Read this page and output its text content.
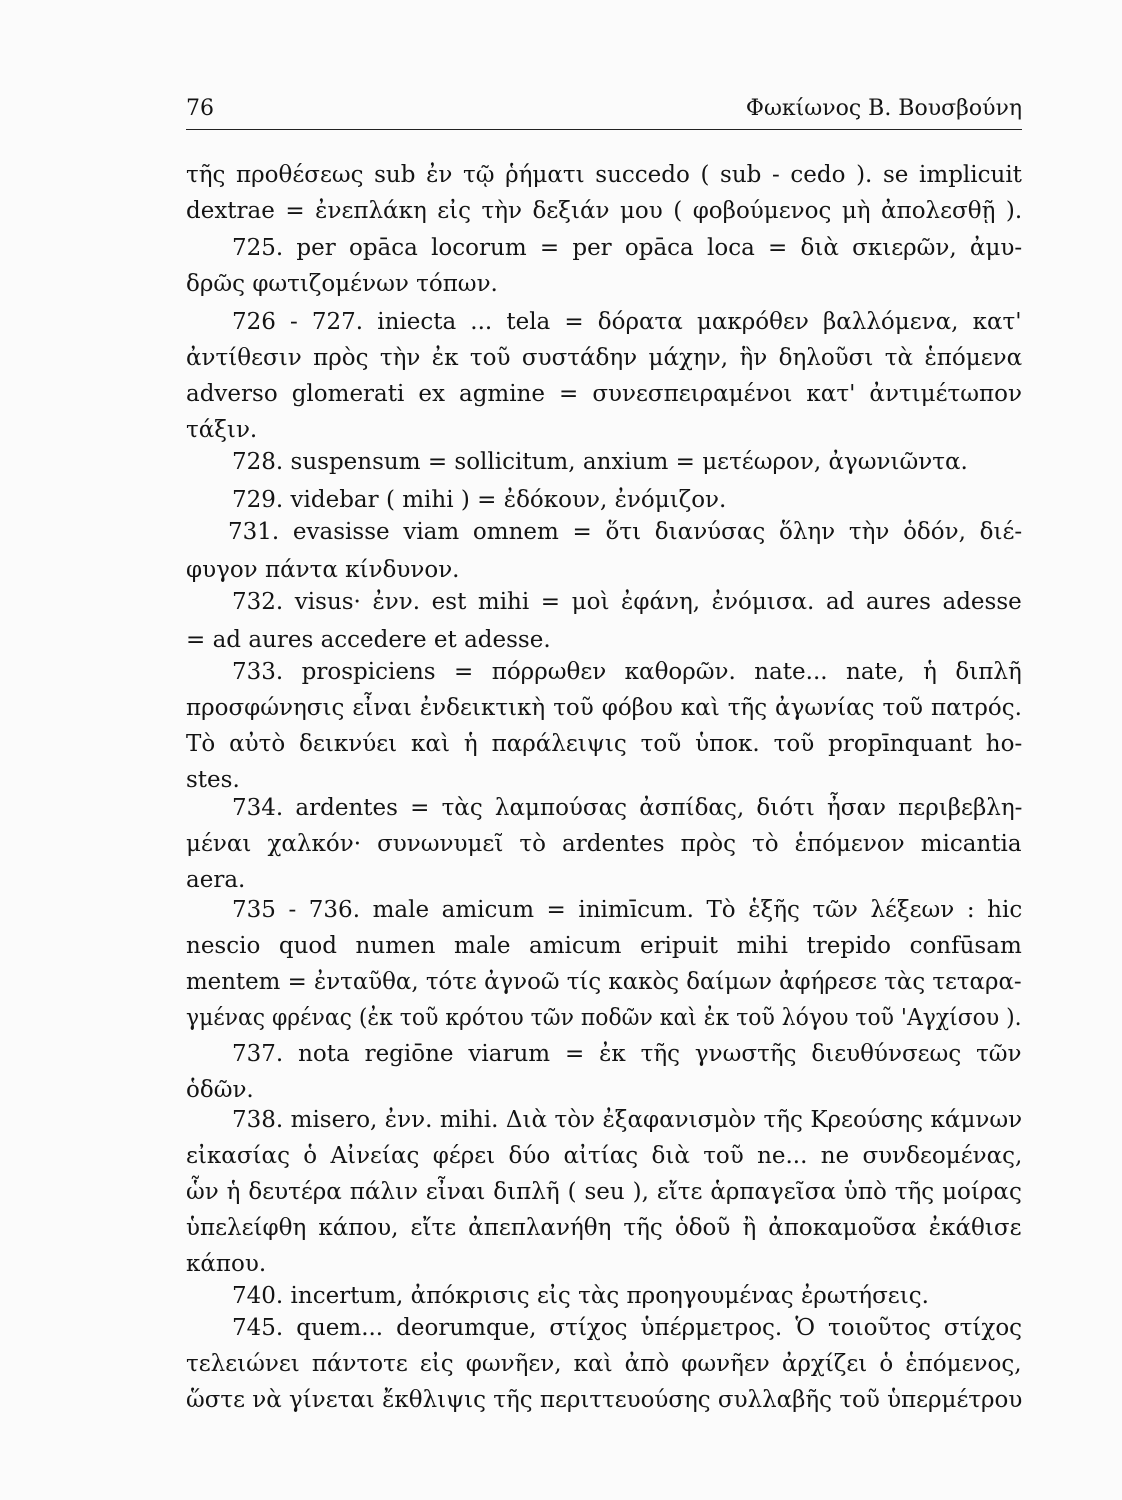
76	Φωκίωνος Β. Βουσβούνη
τῆς προθέσεως sub ἐν τῷ ῥήματι succedo ( sub - cedo ). se implicuit
dextrae = ἐνεπλάκη εἰς τὴν δεξιάν μου ( φοβούμενος μὴ ἀπολεσθῇ ).
725. per opāca locorum = per opāca loca = διὰ σκιερῶν, ἀμυ-
δρῶς φωτιζομένων τόπων.
726 - 727. iniecta ... tela = δόρατα μακρόθεν βαλλόμενα, κατ'
ἀντίθεσιν πρὸς τὴν ἐκ τοῦ συστάδην μάχην, ἣν δηλοῦσι τὰ ἑπόμενα
adverso glomerati ex agmine = συνεσπειραμένοι κατ' ἀντιμέτωπον
τάξιν.
728. suspensum = sollicitum, anxium = μετέωρον, ἀγωνιῶντα.
729. videbar ( mihi ) = ἐδόκουν, ἐνόμιζον.
731. evasisse viam omnem = ὅτι διανύσας ὅλην τὴν ὁδόν, διέ-
φυγον πάντα κίνδυνον.
732. visus· ἐνν. est mihi = μοὶ ἐφάνη, ἐνόμισα. ad aures adesse
= ad aures accedere et adesse.
733. prospiciens = πόρρωθεν καθορῶν. nate... nate, ἡ διπλῆ
προσφώνησις εἶναι ἐνδεικτικὴ τοῦ φόβου καὶ τῆς ἀγωνίας τοῦ πατρός.
Τὸ αὐτὸ δεικνύει καὶ ἡ παράλειψις τοῦ ὑποκ. τοῦ propīnquant ho-
stes.
734. ardentes = τὰς λαμπούσας ἀσπίδας, διότι ἦσαν περιβεβλη-
μέναι χαλκόν· συνωνυμεῖ τὸ ardentes πρὸς τὸ ἑπόμενον micantia
aera.
735 - 736. male amicum = inimīcum. Τὸ ἑξῆς τῶν λέξεων : hic
nescio quod numen male amicum eripuit mihi trepido confūsam
mentem = ἐνταῦθα, τότε ἀγνοῶ τίς κακὸς δαίμων ἀφήρεσε τὰς τεταρα-
γμένας φρένας (ἐκ τοῦ κρότου τῶν ποδῶν καὶ ἐκ τοῦ λόγου τοῦ 'Αγχίσου ).
737. nota regiōne viarum = ἐκ τῆς γνωστῆς διευθύνσεως τῶν
ὁδῶν.
738. misero, ἐνν. mihi. Διὰ τὸν ἐξαφανισμὸν τῆς Κρεούσης κάμνων
εἰκασίας ὁ Αἰνείας φέρει δύο αἰτίας διὰ τοῦ ne... ne συνδεομένας,
ὧν ἡ δευτέρα πάλιν εἶναι διπλῆ ( seu ), εἴτε ἁρπαγεῖσα ὑπὸ τῆς μοίρας
ὑπελείφθη κάπου, εἴτε ἀπεπλανήθη τῆς ὁδοῦ ἢ ἀποκαμοῦσα ἐκάθισε
κάπου.
740. incertum, ἀπόκρισις εἰς τὰς προηγουμένας ἐρωτήσεις.
745. quem... deorumque, στίχος ὑπέρμετρος. Ὁ τοιοῦτος στίχος
τελειώνει πάντοτε εἰς φωνῆεν, καὶ ἀπὸ φωνῆεν ἀρχίζει ὁ ἑπόμενος,
ὥστε νὰ γίνεται ἔκθλιψις τῆς περιττευούσης συλλαβῆς τοῦ ὑπερμέτρου
